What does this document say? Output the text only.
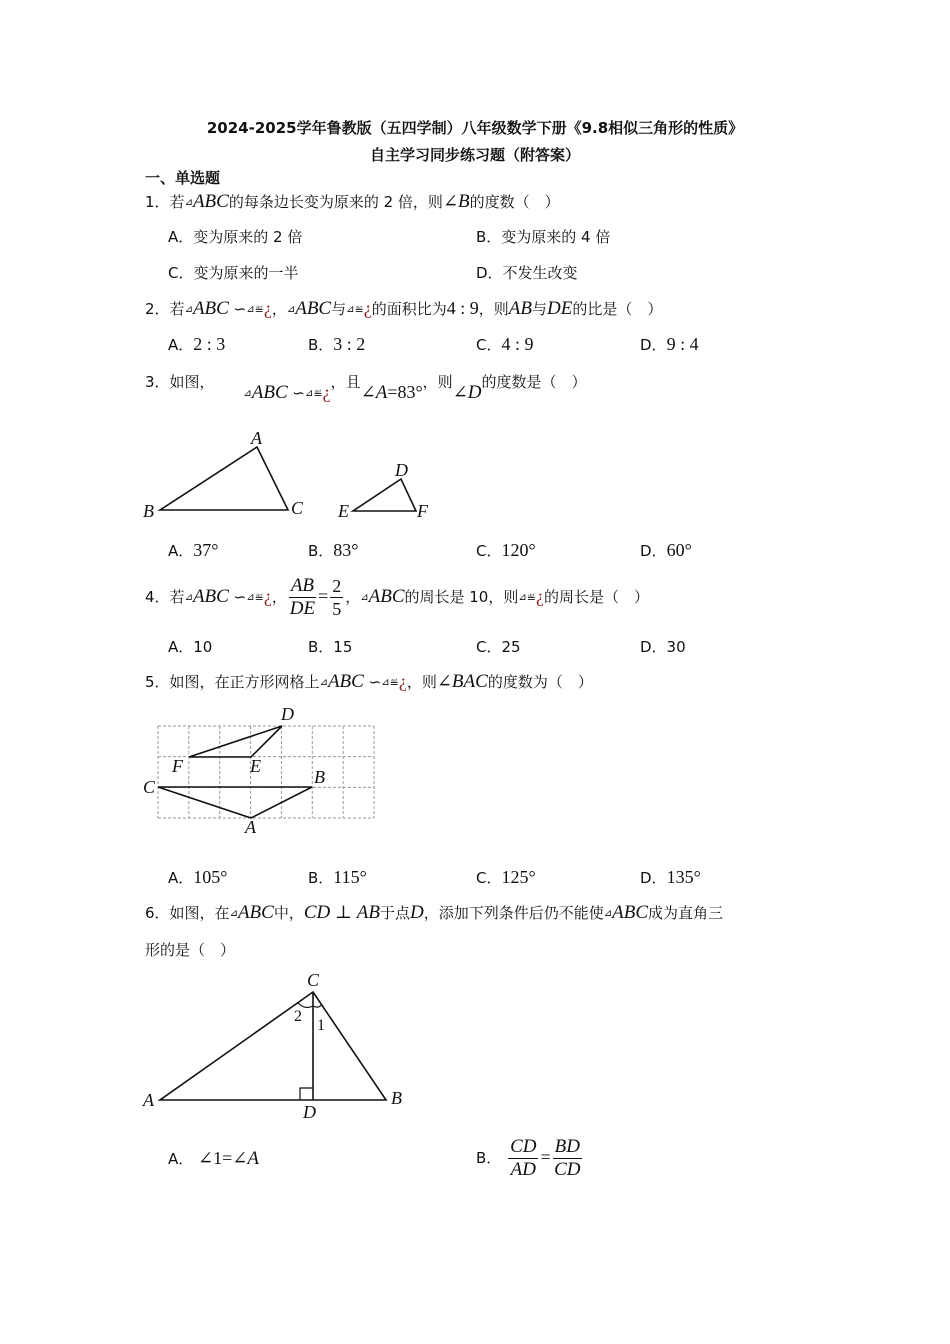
2024-2025学年鲁教版（五四学制）八年级数学下册《9.8相似三角形的性质》
自主学习同步练习题（附答案）
一、单选题
1．若⊿ABC的每条边长变为原来的 2 倍，则∠B的度数（　）
A．变为原来的 2 倍	B．变为原来的 4 倍
C．变为原来的一半	D．不发生改变
2．若⊿ABC ∽⊿≝¿，⊿ABC与⊿≝¿的面积比为4 : 9，则AB与DE的比是（　）
A．2 : 3	B．3 : 2	C．4 : 9	D．9 : 4
3．如图， ⊿ABC ∽⊿≝¿，且∠A=83°，则∠D的度数是（　）
A
B	C
D
E	F
D
F	E
C	B
A
C
A	B
D
2
1
A．37°	B．83°	C．120°	D．60°
4．若⊿ABC ∽⊿≝¿， $\frac{AB}{DE} = \frac{2}{5}$ ，⊿ABC的周长是 10，则⊿≝¿的周长是（　）
A．10	B．15	C．25	D．30
5．如图，在正方形网格上⊿ABC ∽⊿≝¿，则∠BAC的度数为（　）
A．105°	B．115°	C．125°	D．135°
6．如图，在⊿ABC中，CD ⊥ AB于点D，添加下列条件后仍不能使⊿ABC成为直角三
形的是（　）
A． ∠1=∠A	B． $\frac{CD}{AD} = \frac{BD}{CD}$
